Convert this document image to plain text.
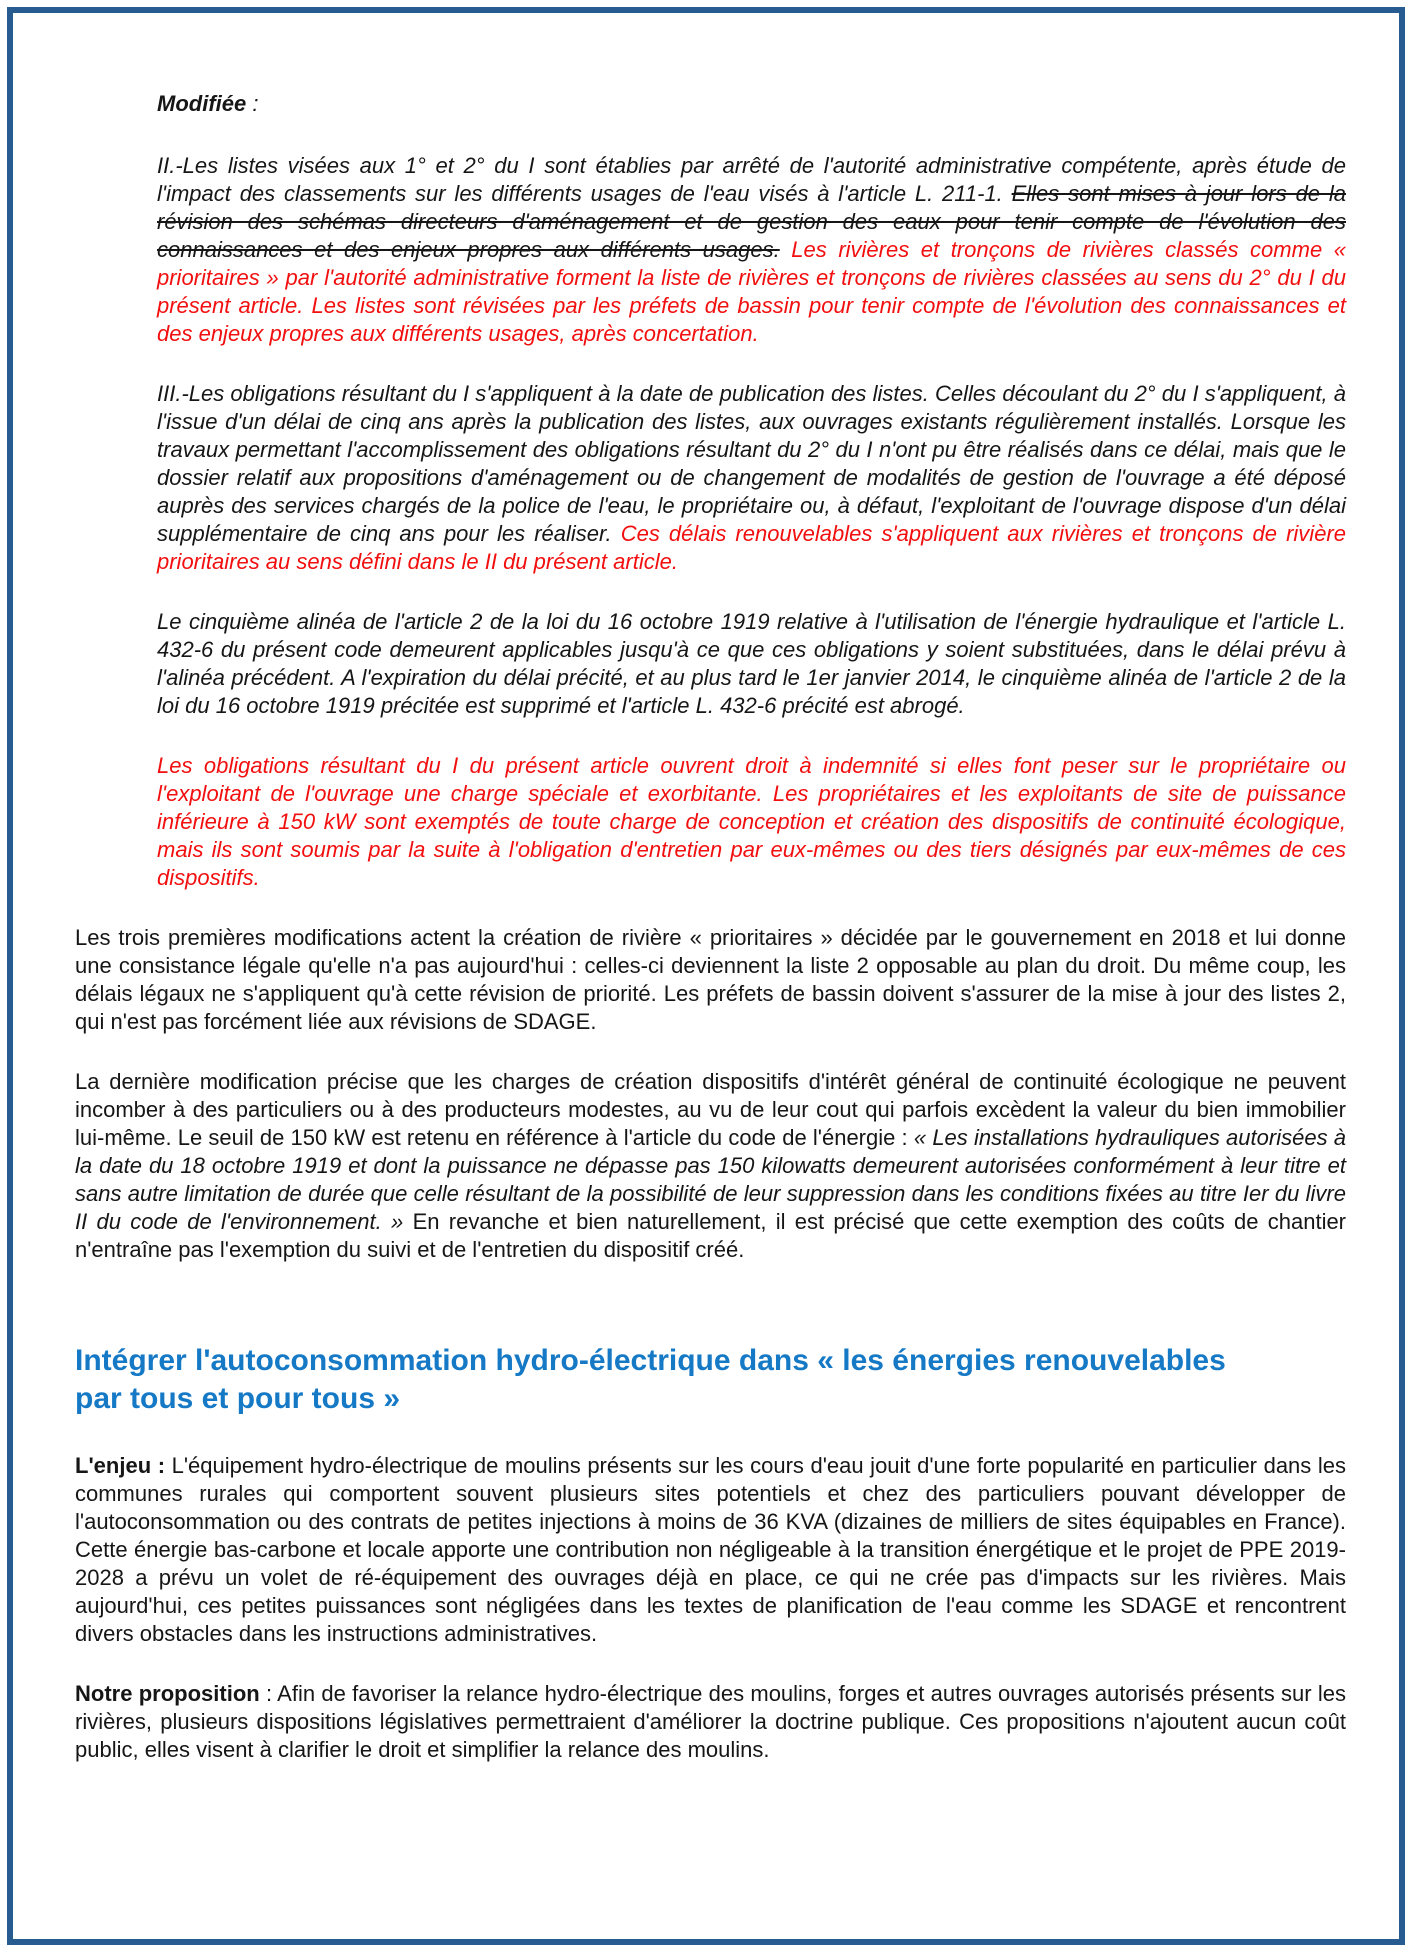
Modifiée :

II.-Les listes visées aux 1° et 2° du I sont établies par arrêté de l'autorité administrative compétente, après étude de l'impact des classements sur les différents usages de l'eau visés à l'article L. 211-1. Elles sont mises à jour lors de la révision des schémas directeurs d'aménagement et de gestion des eaux pour tenir compte de l'évolution des connaissances et des enjeux propres aux différents usages. Les rivières et tronçons de rivières classés comme « prioritaires » par l'autorité administrative forment la liste de rivières et tronçons de rivières classées au sens du 2° du I du présent article. Les listes sont révisées par les préfets de bassin pour tenir compte de l'évolution des connaissances et des enjeux propres aux différents usages, après concertation.

III.-Les obligations résultant du I s'appliquent à la date de publication des listes. Celles découlant du 2° du I s'appliquent, à l'issue d'un délai de cinq ans après la publication des listes, aux ouvrages existants régulièrement installés. Lorsque les travaux permettant l'accomplissement des obligations résultant du 2° du I n'ont pu être réalisés dans ce délai, mais que le dossier relatif aux propositions d'aménagement ou de changement de modalités de gestion de l'ouvrage a été déposé auprès des services chargés de la police de l'eau, le propriétaire ou, à défaut, l'exploitant de l'ouvrage dispose d'un délai supplémentaire de cinq ans pour les réaliser. Ces délais renouvelables s'appliquent aux rivières et tronçons de rivière prioritaires au sens défini dans le II du présent article.

Le cinquième alinéa de l'article 2 de la loi du 16 octobre 1919 relative à l'utilisation de l'énergie hydraulique et l'article L. 432-6 du présent code demeurent applicables jusqu'à ce que ces obligations y soient substituées, dans le délai prévu à l'alinéa précédent. A l'expiration du délai précité, et au plus tard le 1er janvier 2014, le cinquième alinéa de l'article 2 de la loi du 16 octobre 1919 précitée est supprimé et l'article L. 432-6 précité est abrogé.

Les obligations résultant du I du présent article ouvrent droit à indemnité si elles font peser sur le propriétaire ou l'exploitant de l'ouvrage une charge spéciale et exorbitante. Les propriétaires et les exploitants de site de puissance inférieure à 150 kW sont exemptés de toute charge de conception et création des dispositifs de continuité écologique, mais ils sont soumis par la suite à l'obligation d'entretien par eux-mêmes ou des tiers désignés par eux-mêmes de ces dispositifs.

Les trois premières modifications actent la création de rivière « prioritaires » décidée par le gouvernement en 2018 et lui donne une consistance légale qu'elle n'a pas aujourd'hui : celles-ci deviennent la liste 2 opposable au plan du droit. Du même coup, les délais légaux ne s'appliquent qu'à cette révision de priorité. Les préfets de bassin doivent s'assurer de la mise à jour des listes 2, qui n'est pas forcément liée aux révisions de SDAGE.

La dernière modification précise que les charges de création dispositifs d'intérêt général de continuité écologique ne peuvent incomber à des particuliers ou à des producteurs modestes, au vu de leur cout qui parfois excèdent la valeur du bien immobilier lui-même. Le seuil de 150 kW est retenu en référence à l'article du code de l'énergie : « Les installations hydrauliques autorisées à la date du 18 octobre 1919 et dont la puissance ne dépasse pas 150 kilowatts demeurent autorisées conformément à leur titre et sans autre limitation de durée que celle résultant de la possibilité de leur suppression dans les conditions fixées au titre Ier du livre II du code de l'environnement. » En revanche et bien naturellement, il est précisé que cette exemption des coûts de chantier n'entraîne pas l'exemption du suivi et de l'entretien du dispositif créé.

Intégrer l'autoconsommation hydro-électrique dans « les énergies renouvelables par tous et pour tous »

L'enjeu : L'équipement hydro-électrique de moulins présents sur les cours d'eau jouit d'une forte popularité en particulier dans les communes rurales qui comportent souvent plusieurs sites potentiels et chez des particuliers pouvant développer de l'autoconsommation ou des contrats de petites injections à moins de 36 KVA (dizaines de milliers de sites équipables en France). Cette énergie bas-carbone et locale apporte une contribution non négligeable à la transition énergétique et le projet de PPE 2019-2028 a prévu un volet de ré-équipement des ouvrages déjà en place, ce qui ne crée pas d'impacts sur les rivières. Mais aujourd'hui, ces petites puissances sont négligées dans les textes de planification de l'eau comme les SDAGE et rencontrent divers obstacles dans les instructions administratives.

Notre proposition : Afin de favoriser la relance hydro-électrique des moulins, forges et autres ouvrages autorisés présents sur les rivières, plusieurs dispositions législatives permettraient d'améliorer la doctrine publique. Ces propositions n'ajoutent aucun coût public, elles visent à clarifier le droit et simplifier la relance des moulins.
